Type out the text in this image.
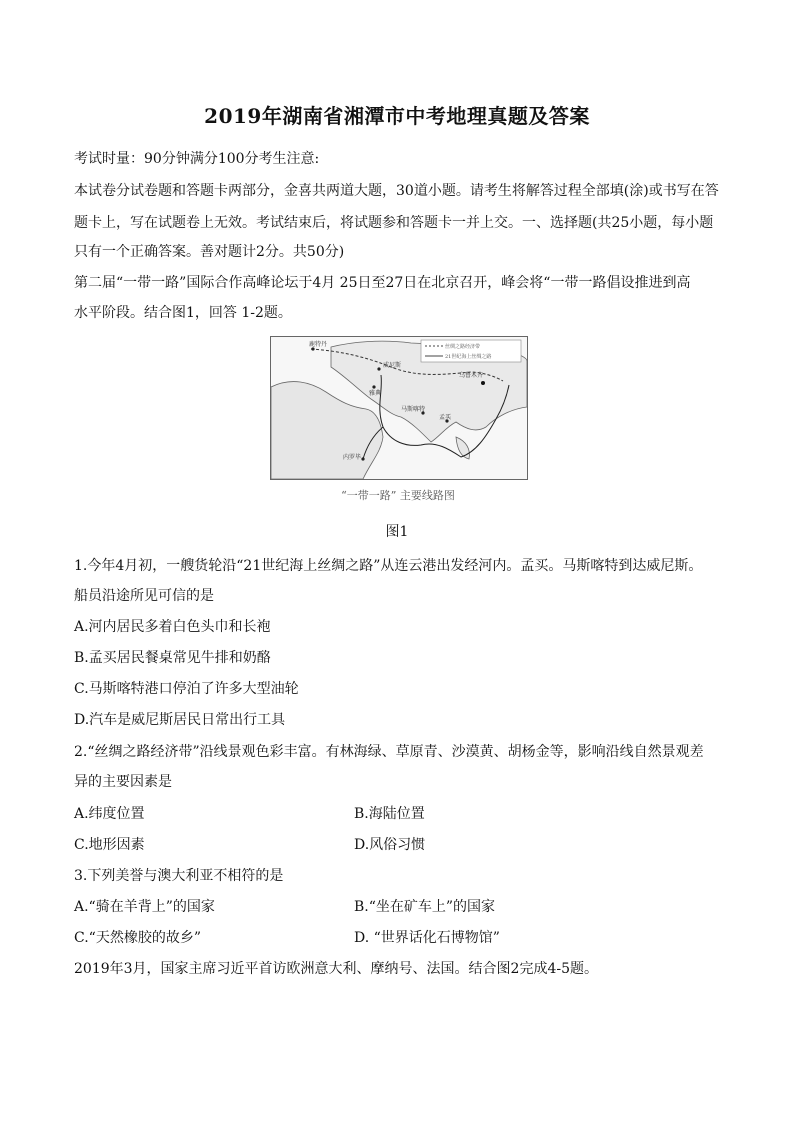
2019年湖南省湘潭市中考地理真题及答案
考试时量：90分钟满分100分考生注意:
本试卷分试卷题和答题卡两部分，金喜共两道大题，30道小题。请考生将解答过程全部填(涂)或书写在答
题卡上，写在试题卷上无效。考试结束后，将试题参和答题卡一并上交。一、选择题(共25小题，每小题
只有一个正确答案。善对题计2分。共50分)
第二届“一带一路”国际合作高峰论坛于4月 25日至27日在北京召开，峰会将“一带一路倡设推进到高
水平阶段。结合图1，回答 1-2题。
丝绸之路经济带
21世纪海上丝绸之路
鹿特丹
威尼斯
马斯喀特
孟买
雅典
内罗毕
乌鲁木齐
“一带一路” 主要线路图
图1
1.今年4月初，一艘货轮沿“21世纪海上丝绸之路”从连云港出发经河内。孟买。马斯喀特到达威尼斯。
船员沿途所见可信的是
A.河内居民多着白色头巾和长袍
B.孟买居民餐桌常见牛排和奶酪
C.马斯喀特港口停泊了许多大型油轮
D.汽车是威尼斯居民日常出行工具
2.“丝绸之路经济带”沿线景观色彩丰富。有林海绿、草原青、沙漠黄、胡杨金等，影响沿线自然景观差
异的主要因素是
A.纬度位置	B.海陆位置
C.地形因素	D.风俗习惯
3.下列美誉与澳大利亚不相符的是
A.“骑在羊背上”的国家	B.“坐在矿车上”的国家
C.“天然橡胶的故乡”	D. “世界话化石博物馆”
2019年3月，国家主席习近平首访欧洲意大利、摩纳号、法国。结合图2完成4-5题。
